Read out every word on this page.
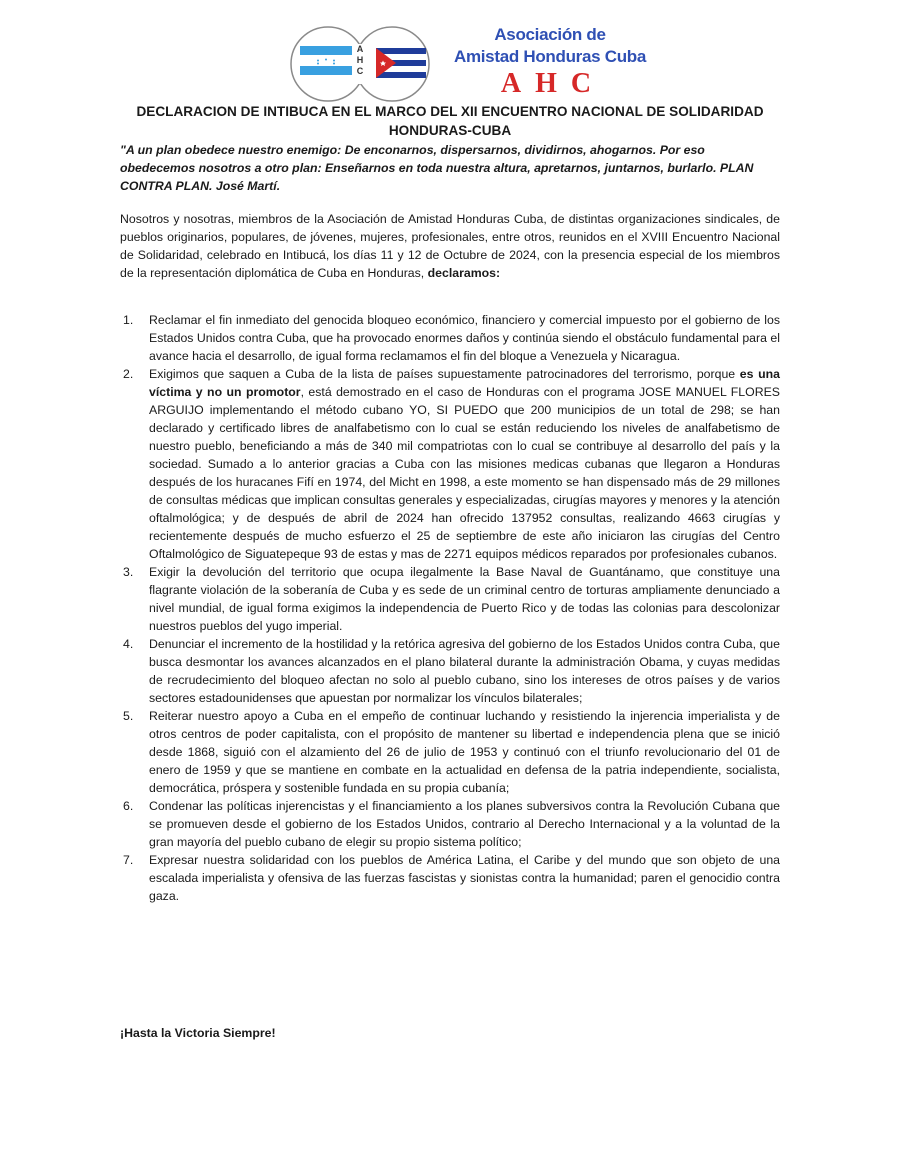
AHC
Asociación de
Amistad Honduras Cuba
AHC
DECLARACION DE INTIBUCA EN EL MARCO DEL XII ENCUENTRO NACIONAL DE SOLIDARIDAD HONDURAS-CUBA
"A un plan obedece nuestro enemigo: De enconarnos, dispersarnos, dividirnos, ahogarnos. Por eso obedecemos nosotros a otro plan: Enseñarnos en toda nuestra altura, apretarnos, juntarnos, burlarlo. PLAN CONTRA PLAN. José Martí.
Nosotros y nosotras, miembros de la Asociación de Amistad Honduras Cuba, de distintas organizaciones sindicales, de pueblos originarios, populares, de jóvenes, mujeres, profesionales, entre otros, reunidos en el XVIII Encuentro Nacional de Solidaridad, celebrado en Intibucá, los días 11 y 12 de Octubre de 2024, con la presencia especial de los miembros de la representación diplomática de Cuba en Honduras, declaramos:
1. Reclamar el fin inmediato del genocida bloqueo económico, financiero y comercial impuesto por el gobierno de los Estados Unidos contra Cuba, que ha provocado enormes daños y continúa siendo el obstáculo fundamental para el avance hacia el desarrollo, de igual forma reclamamos el fin del bloque a Venezuela y Nicaragua.
2. Exigimos que saquen a Cuba de la lista de países supuestamente patrocinadores del terrorismo, porque es una víctima y no un promotor, está demostrado en el caso de Honduras con el programa JOSE MANUEL FLORES ARGUIJO implementando el método cubano YO, SI PUEDO que 200 municipios de un total de 298; se han declarado y certificado libres de analfabetismo con lo cual se están reduciendo los niveles de analfabetismo de nuestro pueblo, beneficiando a más de 340 mil compatriotas con lo cual se contribuye al desarrollo del país y la sociedad. Sumado a lo anterior gracias a Cuba con las misiones medicas cubanas que llegaron a Honduras después de los huracanes Fifí en 1974, del Micht en 1998, a este momento se han dispensado más de 29 millones de consultas médicas que implican consultas generales y especializadas, cirugías mayores y menores y la atención oftalmológica; y de después de abril de 2024 han ofrecido 137952 consultas, realizando 4663 cirugías y recientemente después de mucho esfuerzo el 25 de septiembre de este año iniciaron las cirugías del Centro Oftalmológico de Siguatepeque 93 de estas y mas de 2271 equipos médicos reparados por profesionales cubanos.
3. Exigir la devolución del territorio que ocupa ilegalmente la Base Naval de Guantánamo, que constituye una flagrante violación de la soberanía de Cuba y es sede de un criminal centro de torturas ampliamente denunciado a nivel mundial, de igual forma exigimos la independencia de Puerto Rico y de todas las colonias para descolonizar nuestros pueblos del yugo imperial.
4. Denunciar el incremento de la hostilidad y la retórica agresiva del gobierno de los Estados Unidos contra Cuba, que busca desmontar los avances alcanzados en el plano bilateral durante la administración Obama, y cuyas medidas de recrudecimiento del bloqueo afectan no solo al pueblo cubano, sino los intereses de otros países y de varios sectores estadounidenses que apuestan por normalizar los vínculos bilaterales;
5. Reiterar nuestro apoyo a Cuba en el empeño de continuar luchando y resistiendo la injerencia imperialista y de otros centros de poder capitalista, con el propósito de mantener su libertad e independencia plena que se inició desde 1868, siguió con el alzamiento del 26 de julio de 1953 y continuó con el triunfo revolucionario del 01 de enero de 1959 y que se mantiene en combate en la actualidad en defensa de la patria independiente, socialista, democrática, próspera y sostenible fundada en su propia cubanía;
6. Condenar las políticas injerencistas y el financiamiento a los planes subversivos contra la Revolución Cubana que se promueven desde el gobierno de los Estados Unidos, contrario al Derecho Internacional y a la voluntad de la gran mayoría del pueblo cubano de elegir su propio sistema político;
7. Expresar nuestra solidaridad con los pueblos de América Latina, el Caribe y del mundo que son objeto de una escalada imperialista y ofensiva de las fuerzas fascistas y sionistas contra la humanidad; paren el genocidio contra gaza.
¡Hasta la Victoria Siempre!
